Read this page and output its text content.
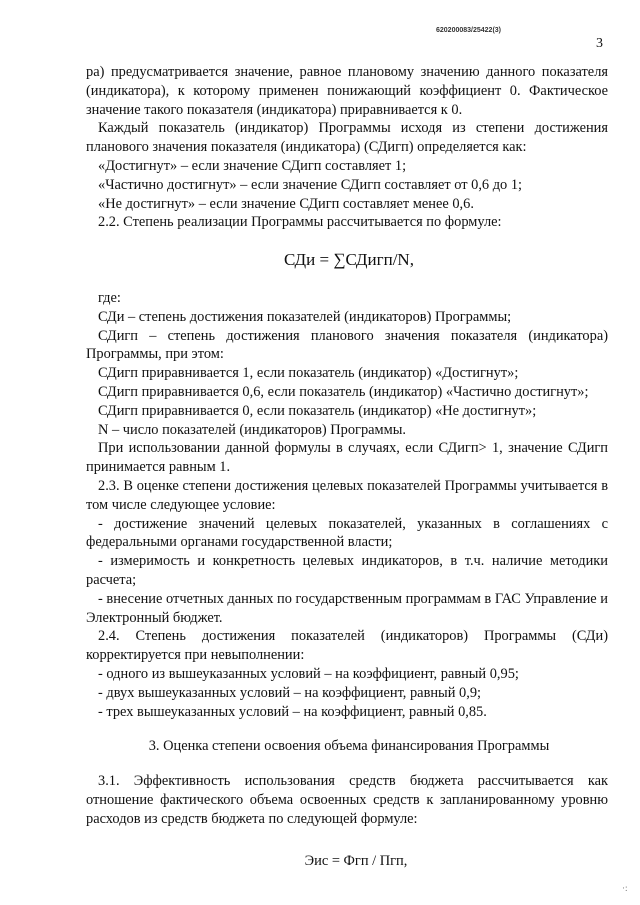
620200083/25422(3)
3

ра) предусматривается значение, равное плановому значению данного показателя (индикатора), к которому применен понижающий коэффициент 0. Фактическое значение такого показателя (индикатора) приравнивается к 0.

Каждый показатель (индикатор) Программы исходя из степени достижения планового значения показателя (индикатора) (СДигп) определяется как:

«Достигнут» – если значение СДигп составляет 1;

«Частично достигнут» – если значение СДигп составляет от 0,6 до 1;

«Не достигнут» – если значение СДигп составляет менее 0,6.

2.2. Степень реализации Программы рассчитывается по формуле:

СДи = ∑СДигп/N,

где:

СДи – степень достижения показателей (индикаторов) Программы;

СДигп – степень достижения планового значения показателя (индикатора) Программы, при этом:

СДигп приравнивается 1, если показатель (индикатор) «Достигнут»;

СДигп приравнивается 0,6, если показатель (индикатор) «Частично достигнут»;

СДигп приравнивается 0, если показатель (индикатор) «Не достигнут»;

N – число показателей (индикаторов) Программы.

При использовании данной формулы в случаях, если СДигп> 1, значение СДигп принимается равным 1.

2.3. В оценке степени достижения целевых показателей Программы учитывается в том числе следующее условие:

- достижение значений целевых показателей, указанных в соглашениях с федеральными органами государственной власти;

- измеримость и конкретность целевых индикаторов, в т.ч. наличие методики расчета;

- внесение отчетных данных по государственным программам в ГАС Управление и Электронный бюджет.

2.4. Степень достижения показателей (индикаторов) Программы (СДи) корректируется при невыполнении:

- одного из вышеуказанных условий – на коэффициент, равный 0,95;

- двух вышеуказанных условий – на коэффициент, равный 0,9;

- трех вышеуказанных условий – на коэффициент, равный 0,85.

3. Оценка степени освоения объема финансирования Программы

3.1. Эффективность использования средств бюджета рассчитывается как отношение фактического объема освоенных средств к запланированному уровню расходов из средств бюджета по следующей формуле:

Эис = Фгп / Пгп,
·:
